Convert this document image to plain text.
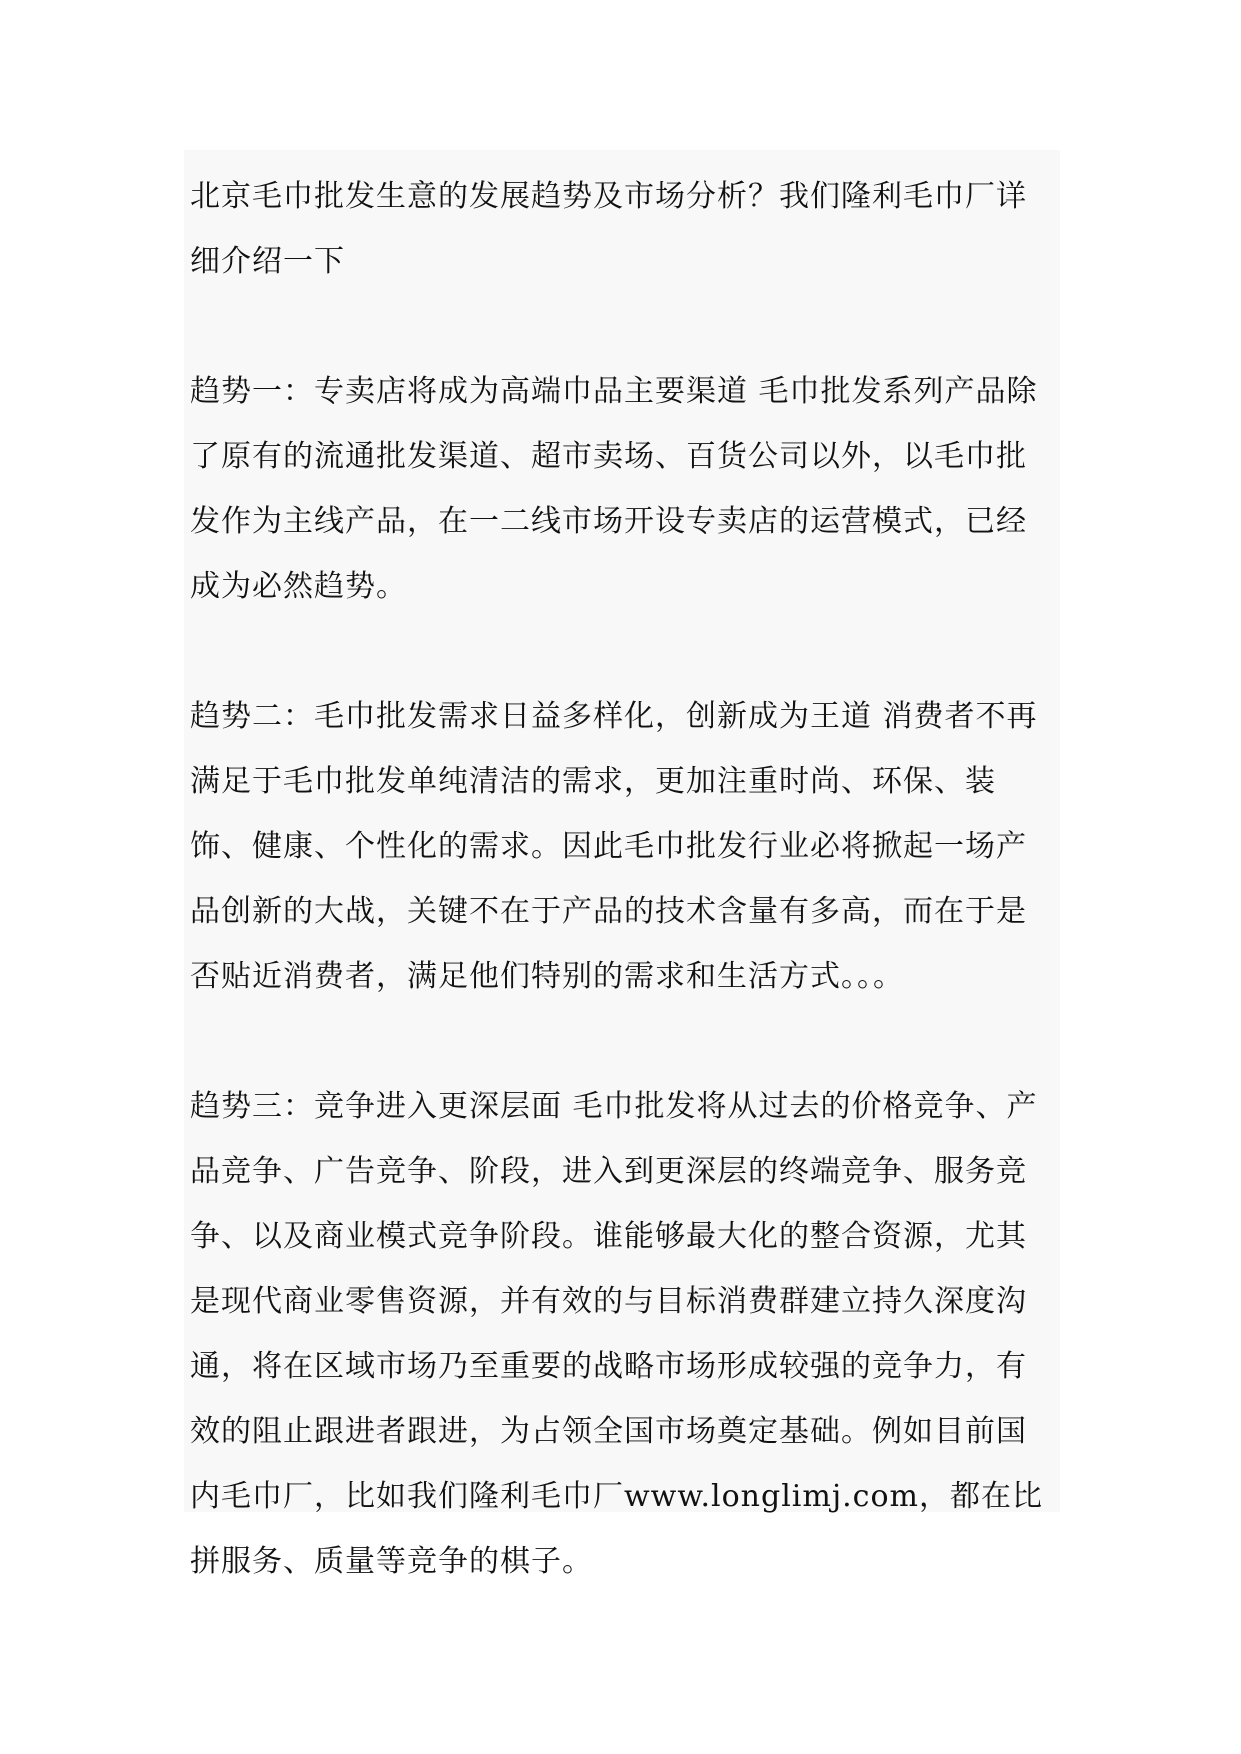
北京毛巾批发生意的发展趋势及市场分析？我们隆利毛巾厂详细介绍一下

趋势一：专卖店将成为高端巾品主要渠道 毛巾批发系列产品除了原有的流通批发渠道、超市卖场、百货公司以外，以毛巾批发作为主线产品，在一二线市场开设专卖店的运营模式，已经成为必然趋势。

趋势二：毛巾批发需求日益多样化，创新成为王道 消费者不再满足于毛巾批发单纯清洁的需求，更加注重时尚、环保、装饰、健康、个性化的需求。因此毛巾批发行业必将掀起一场产品创新的大战，关键不在于产品的技术含量有多高，而在于是否贴近消费者，满足他们特别的需求和生活方式。。。

趋势三：竞争进入更深层面 毛巾批发将从过去的价格竞争、产品竞争、广告竞争、阶段，进入到更深层的终端竞争、服务竞争、以及商业模式竞争阶段。谁能够最大化的整合资源，尤其是现代商业零售资源，并有效的与目标消费群建立持久深度沟通，将在区域市场乃至重要的战略市场形成较强的竞争力，有效的阻止跟进者跟进，为占领全国市场奠定基础。例如目前国内毛巾厂，比如我们隆利毛巾厂www.longlimj.com，都在比拼服务、质量等竞争的棋子。
